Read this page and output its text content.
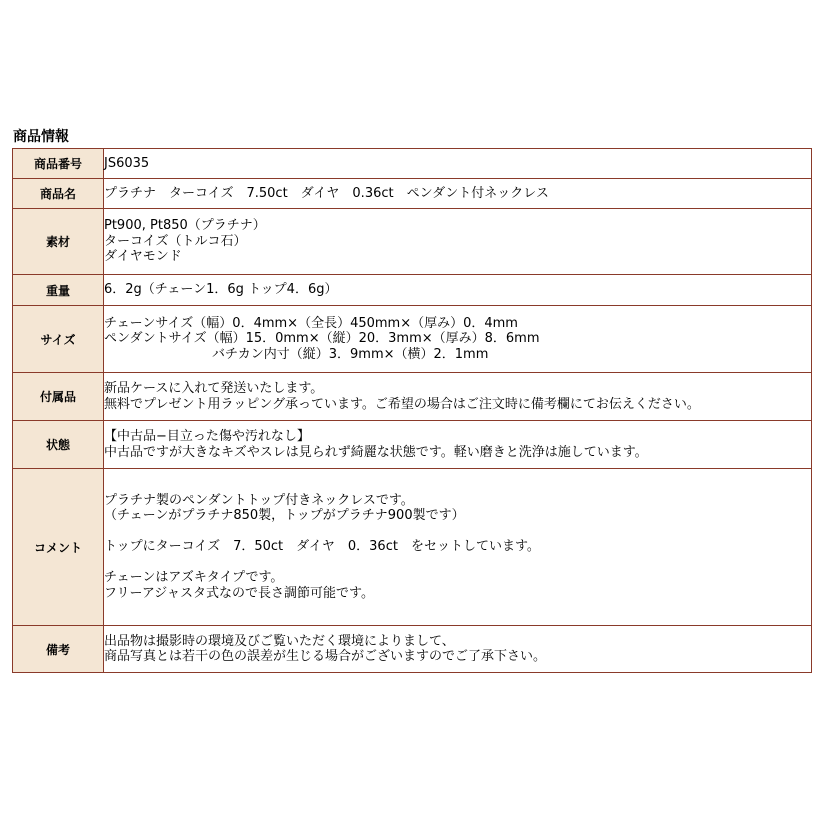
商品情報
商品番号	JS6035
商品名	プラチナ　ターコイズ　7.50ct　ダイヤ　0.36ct　ペンダント付ネックレス
素材	Pt900, Pt850（プラチナ）
ターコイズ（トルコ石）
ダイヤモンド

重量	6．2g（チェーン1．6g トップ4．6g）
サイズ	チェーンサイズ（幅）0．4mm×（全長）450mm×（厚み）0．4mm
ペンダントサイズ（幅）15．0mm×（縦）20．3mm×（厚み）8．6mm
バチカン内寸（縦）3．9mm×（横）2．1mm

付属品	新品ケースに入れて発送いたします。
無料でプレゼント用ラッピング承っています。ご希望の場合はご注文時に備考欄にてお伝えください。

状態	【中古品−目立った傷や汚れなし】
中古品ですが大きなキズやスレは見られず綺麗な状態です。軽い磨きと洗浄は施しています。

コメント	プラチナ製のペンダントトップ付きネックレスです。
（チェーンがプラチナ850製，トップがプラチナ900製です）
トップにターコイズ　7．50ct　ダイヤ　0．36ct　をセットしています。
チェーンはアズキタイプです。
フリーアジャスタ式なので長さ調節可能です。

備考	出品物は撮影時の環境及びご覧いただく環境によりまして、
商品写真とは若干の色の誤差が生じる場合がございますのでご了承下さい。
